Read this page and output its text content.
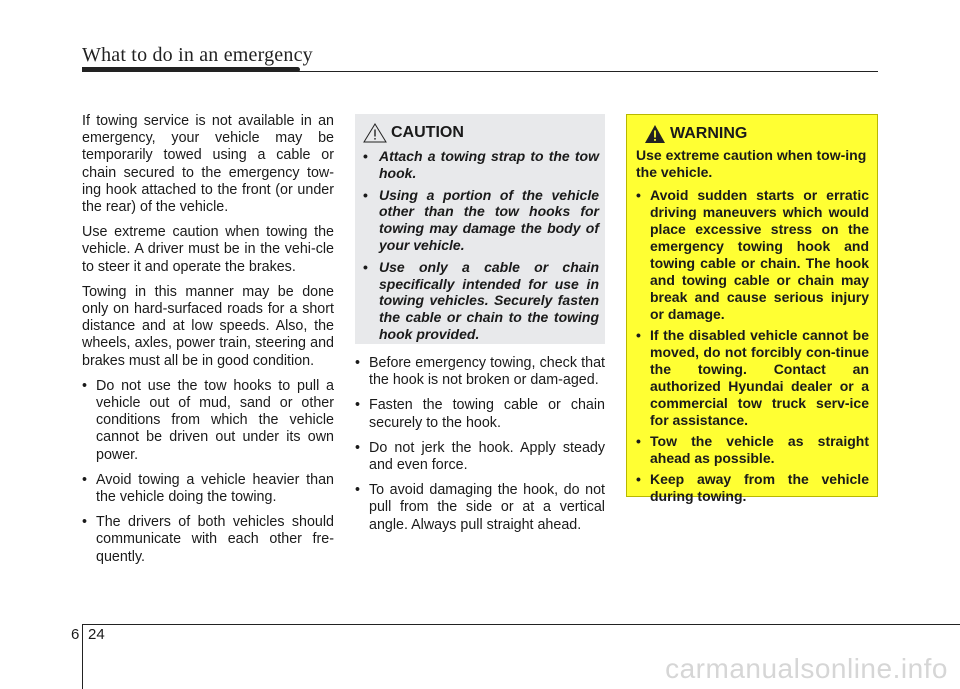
What to do in an emergency

If towing service is not available in an emergency, your vehicle may be temporarily towed using a cable or chain secured to the emergency tow-ing hook attached to the front (or under the rear) of the vehicle.

Use extreme caution when towing the vehicle. A driver must be in the vehi-cle to steer it and operate the brakes.

Towing in this manner may be done only on hard-surfaced roads for a short distance and at low speeds. Also, the wheels, axles, power train, steering and brakes must all be in good condition.

• Do not use the tow hooks to pull a vehicle out of mud, sand or other conditions from which the vehicle cannot be driven out under its own power.
• Avoid towing a vehicle heavier than the vehicle doing the towing.
• The drivers of both vehicles should communicate with each other fre-quently.
CAUTION
• Attach a towing strap to the tow hook.
• Using a portion of the vehicle other than the tow hooks for towing may damage the body of your vehicle.
• Use only a cable or chain specifically intended for use in towing vehicles. Securely fasten the cable or chain to the towing hook provided.
• Before emergency towing, check that the hook is not broken or dam-aged.
• Fasten the towing cable or chain securely to the hook.
• Do not jerk the hook. Apply steady and even force.
• To avoid damaging the hook, do not pull from the side or at a vertical angle. Always pull straight ahead.
WARNING

Use extreme caution when tow-ing the vehicle.

• Avoid sudden starts or erratic driving maneuvers which would place excessive stress on the emergency towing hook and towing cable or chain. The hook and towing cable or chain may break and cause serious injury or damage.
• If the disabled vehicle cannot be moved, do not forcibly con-tinue the towing. Contact an authorized Hyundai dealer or a commercial tow truck serv-ice for assistance.
• Tow the vehicle as straight ahead as possible.
• Keep away from the vehicle during towing.
6 24
carmanualsonline.info
